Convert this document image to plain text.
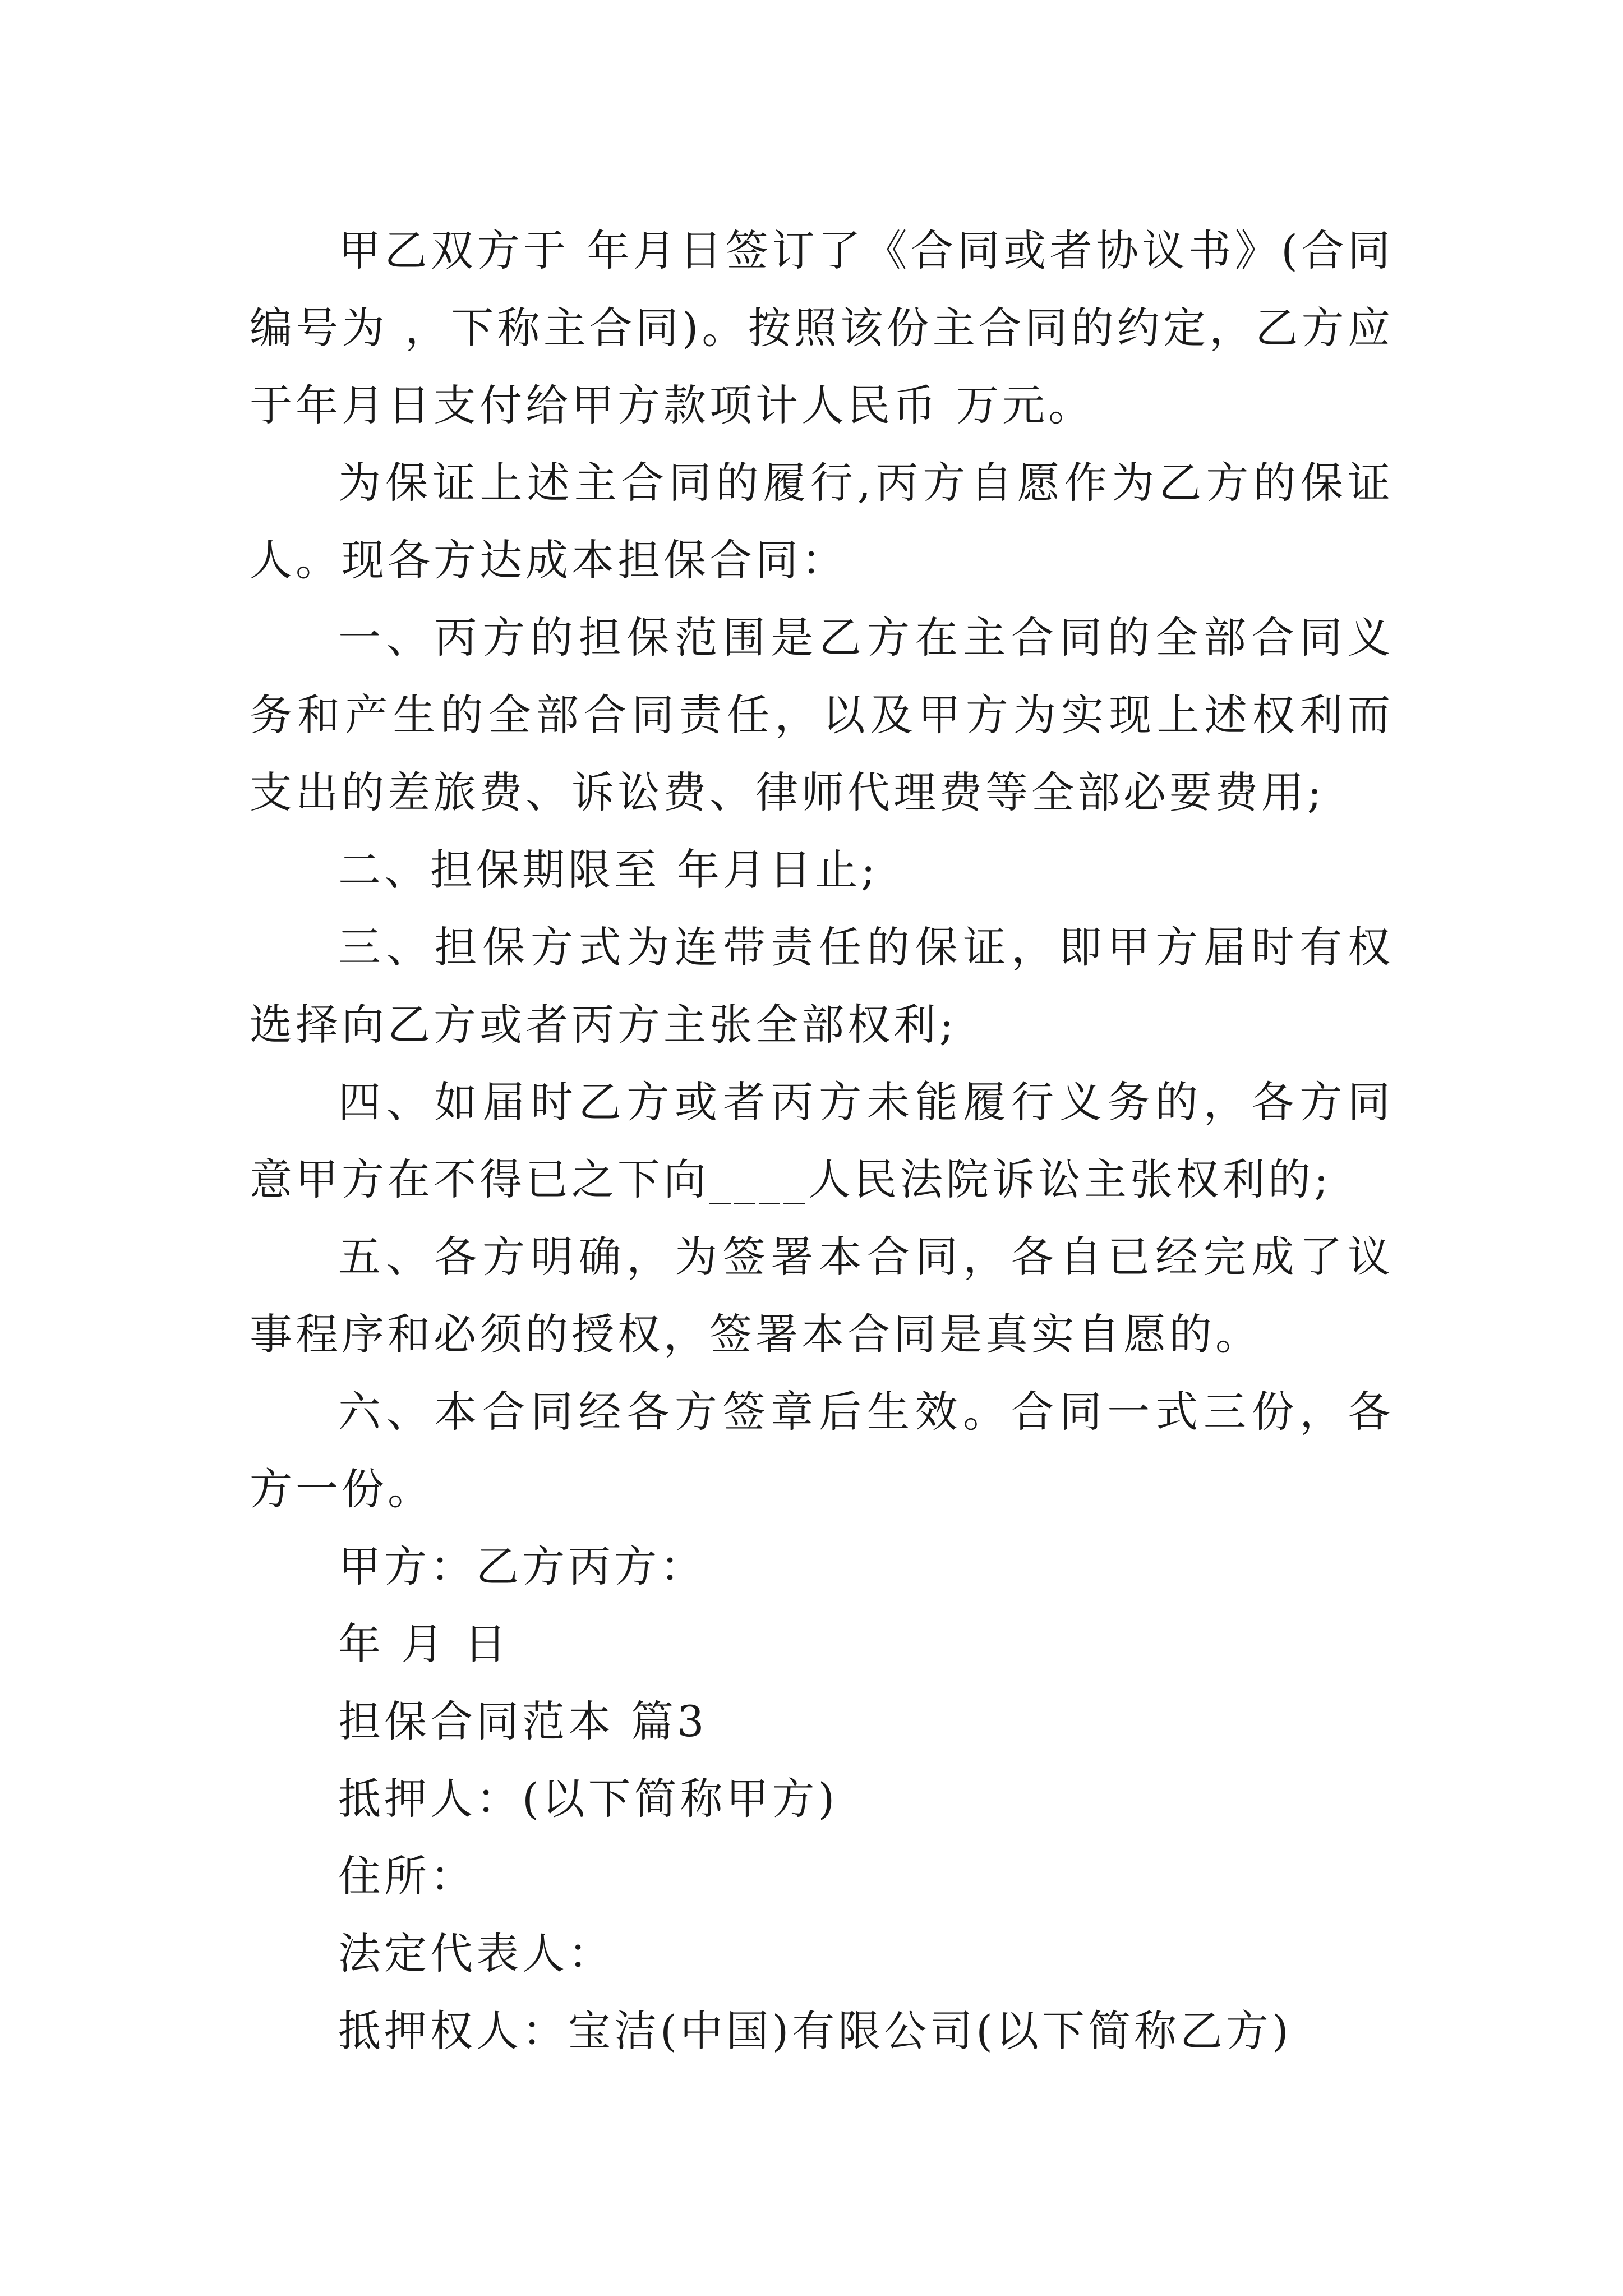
甲乙双方于 年月日签订了《合同或者协议书》(合同编号为 ，下称主合同)。按照该份主合同的约定，乙方应于年月日支付给甲方款项计人民币 万元。

为保证上述主合同的履行,丙方自愿作为乙方的保证人。现各方达成本担保合同：

一、丙方的担保范围是乙方在主合同的全部合同义务和产生的全部合同责任，以及甲方为实现上述权利而支出的差旅费、诉讼费、律师代理费等全部必要费用;

二、担保期限至 年月日止;

三、担保方式为连带责任的保证，即甲方届时有权选择向乙方或者丙方主张全部权利;

四、如届时乙方或者丙方未能履行义务的，各方同意甲方在不得已之下向____人民法院诉讼主张权利的;

五、各方明确，为签署本合同，各自已经完成了议事程序和必须的授权，签署本合同是真实自愿的。

六、本合同经各方签章后生效。合同一式三份，各方一份。

甲方：乙方丙方：

年 月 日

担保合同范本 篇3

抵押人：(以下简称甲方)

住所：

法定代表人：

抵押权人：宝洁(中国)有限公司(以下简称乙方)
